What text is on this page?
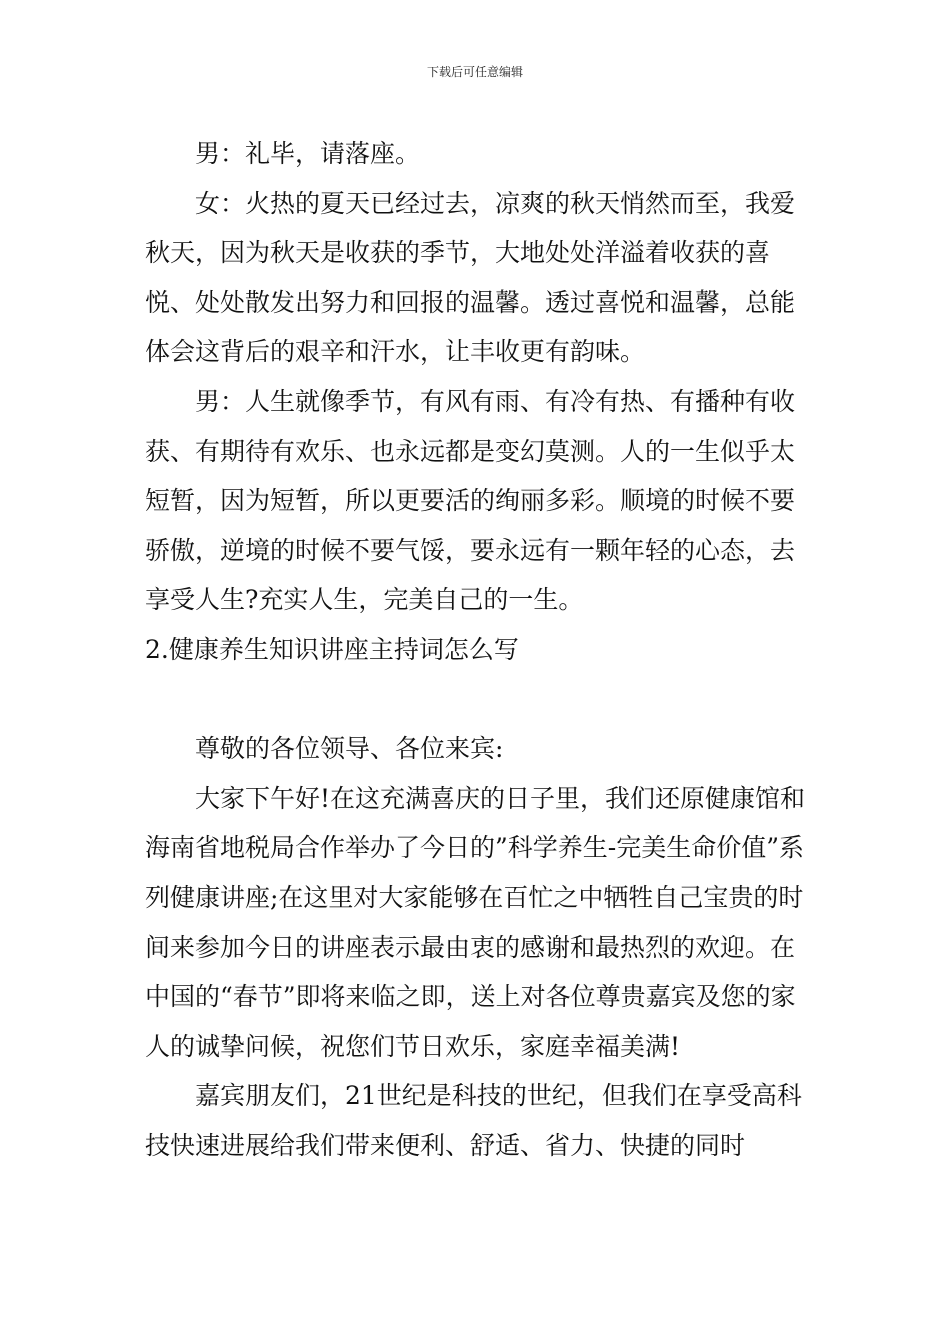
下载后可任意编辑

男：礼毕，请落座。

女：火热的夏天已经过去，凉爽的秋天悄然而至，我爱秋天，因为秋天是收获的季节，大地处处洋溢着收获的喜悦、处处散发出努力和回报的温馨。透过喜悦和温馨，总能体会这背后的艰辛和汗水，让丰收更有韵味。

男：人生就像季节，有风有雨、有冷有热、有播种有收获、有期待有欢乐、也永远都是变幻莫测。人的一生似乎太短暂，因为短暂，所以更要活的绚丽多彩。顺境的时候不要骄傲，逆境的时候不要气馁，要永远有一颗年轻的心态，去享受人生?充实人生，完美自己的一生。

2.健康养生知识讲座主持词怎么写

尊敬的各位领导、各位来宾:

大家下午好!在这充满喜庆的日子里，我们还原健康馆和海南省地税局合作举办了今日的”科学养生-完美生命价值”系列健康讲座;在这里对大家能够在百忙之中牺牲自己宝贵的时间来参加今日的讲座表示最由衷的感谢和最热烈的欢迎。在中国的“春节”即将来临之即，送上对各位尊贵嘉宾及您的家人的诚挚问候，祝您们节日欢乐，家庭幸福美满!

嘉宾朋友们，21世纪是科技的世纪，但我们在享受高科技快速进展给我们带来便利、舒适、省力、快捷的同时
